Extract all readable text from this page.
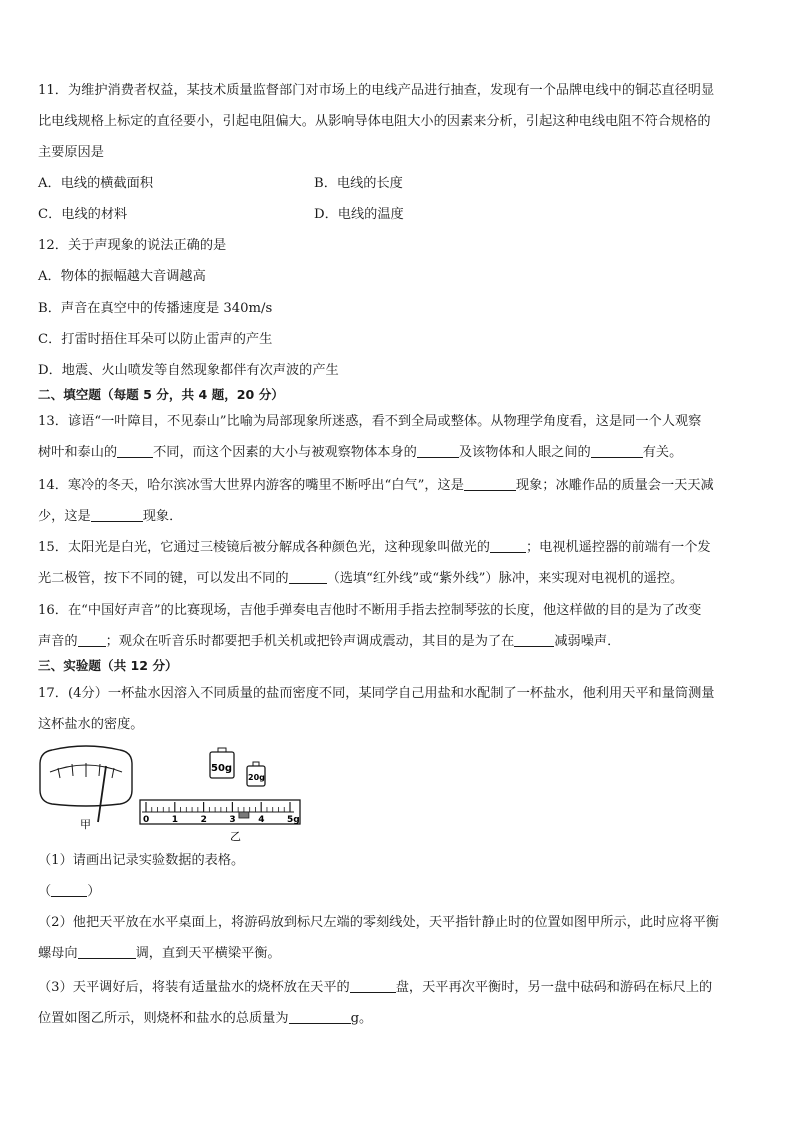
11．为维护消费者权益，某技术质量监督部门对市场上的电线产品进行抽查，发现有一个品牌电线中的铜芯直径明显
比电线规格上标定的直径要小，引起电阻偏大。从影响导体电阻大小的因素来分析，引起这种电线电阻不符合规格的
主要原因是
A．电线的横截面积	B．电线的长度
C．电线的材料	D．电线的温度
12．关于声现象的说法正确的是
A．物体的振幅越大音调越高
B．声音在真空中的传播速度是 340m/s
C．打雷时捂住耳朵可以防止雷声的产生
D．地震、火山喷发等自然现象都伴有次声波的产生
二、填空题（每题 5 分，共 4 题，20 分）
13．谚语“一叶障目，不见泰山”比喻为局部现象所迷惑，看不到全局或整体。从物理学角度看，这是同一个人观察
树叶和泰山的	不同，而这个因素的大小与被观察物体本身的	及该物体和人眼之间的	有关。
14．寒冷的冬天，哈尔滨冰雪大世界内游客的嘴里不断呼出“白气”，这是	现象；冰雕作品的质量会一天天减
少，这是	现象．
15．太阳光是白光，它通过三棱镜后被分解成各种颜色光，这种现象叫做光的	；电视机遥控器的前端有一个发
光二极管，按下不同的键，可以发出不同的	（选填“红外线”或“紫外线”）脉冲，来实现对电视机的遥控。
16．在“中国好声音”的比赛现场，吉他手弹奏电吉他时不断用手指去控制琴弦的长度，他这样做的目的是为了改变
声音的 ；观众在听音乐时都要把手机关机或把铃声调成震动，其目的是为了在	减弱噪声．
三、实验题（共 12 分）
17．(4分）一杯盐水因溶入不同质量的盐而密度不同，某同学自己用盐和水配制了一杯盐水，他利用天平和量筒测量
这杯盐水的密度。
甲
50g
20g
乙
0	1	2	3	4	5g
（1）请画出记录实验数据的表格。
（	）
（2）他把天平放在水平桌面上，将游码放到标尺左端的零刻线处，天平指针静止时的位置如图甲所示，此时应将平衡
螺母向	调，直到天平横梁平衡。
（3）天平调好后，将装有适量盐水的烧杯放在天平的	盘，天平再次平衡时，另一盘中砝码和游码在标尺上的
位置如图乙所示，则烧杯和盐水的总质量为	g。
